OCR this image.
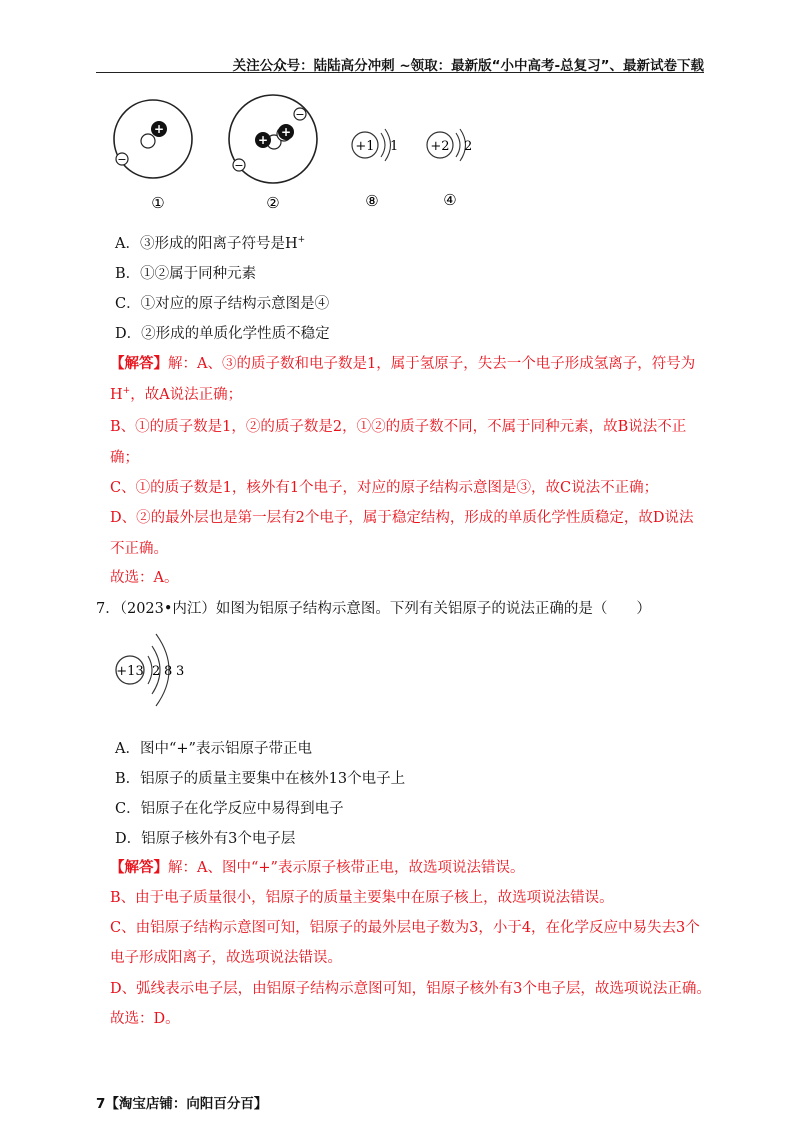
关注公众号：陆陆高分冲刺 ~领取：最新版“小中高考-总复习”、最新试卷下载
+
−
①
+
+
−
−
②
+1 1
⑧
+2 2
④
A．③形成的阳离子符号是H+
B．①②属于同种元素
C．①对应的原子结构示意图是④
D．②形成的单质化学性质不稳定
【解答】解：A、③的质子数和电子数是1，属于氢原子，失去一个电子形成氢离子，符号为
H+，故A说法正确；
B、①的质子数是1，②的质子数是2，①②的质子数不同，不属于同种元素，故B说法不正
确；
C、①的质子数是1，核外有1个电子，对应的原子结构示意图是③，故C说法不正确；
D、②的最外层也是第一层有2个电子，属于稳定结构，形成的单质化学性质稳定，故D说法
不正确。
故选：A。
7．（2023•内江）如图为铝原子结构示意图。下列有关铝原子的说法正确的是（　　）
+13 2 8 3
A．图中“+”表示铝原子带正电
B．铝原子的质量主要集中在核外13个电子上
C．铝原子在化学反应中易得到电子
D．铝原子核外有3个电子层
【解答】解：A、图中“+”表示原子核带正电，故选项说法错误。
B、由于电子质量很小，铝原子的质量主要集中在原子核上，故选项说法错误。
C、由铝原子结构示意图可知，铝原子的最外层电子数为3，小于4，在化学反应中易失去3个
电子形成阳离子，故选项说法错误。
D、弧线表示电子层，由铝原子结构示意图可知，铝原子核外有3个电子层，故选项说法正确。
故选：D。
7【淘宝店铺：向阳百分百】
